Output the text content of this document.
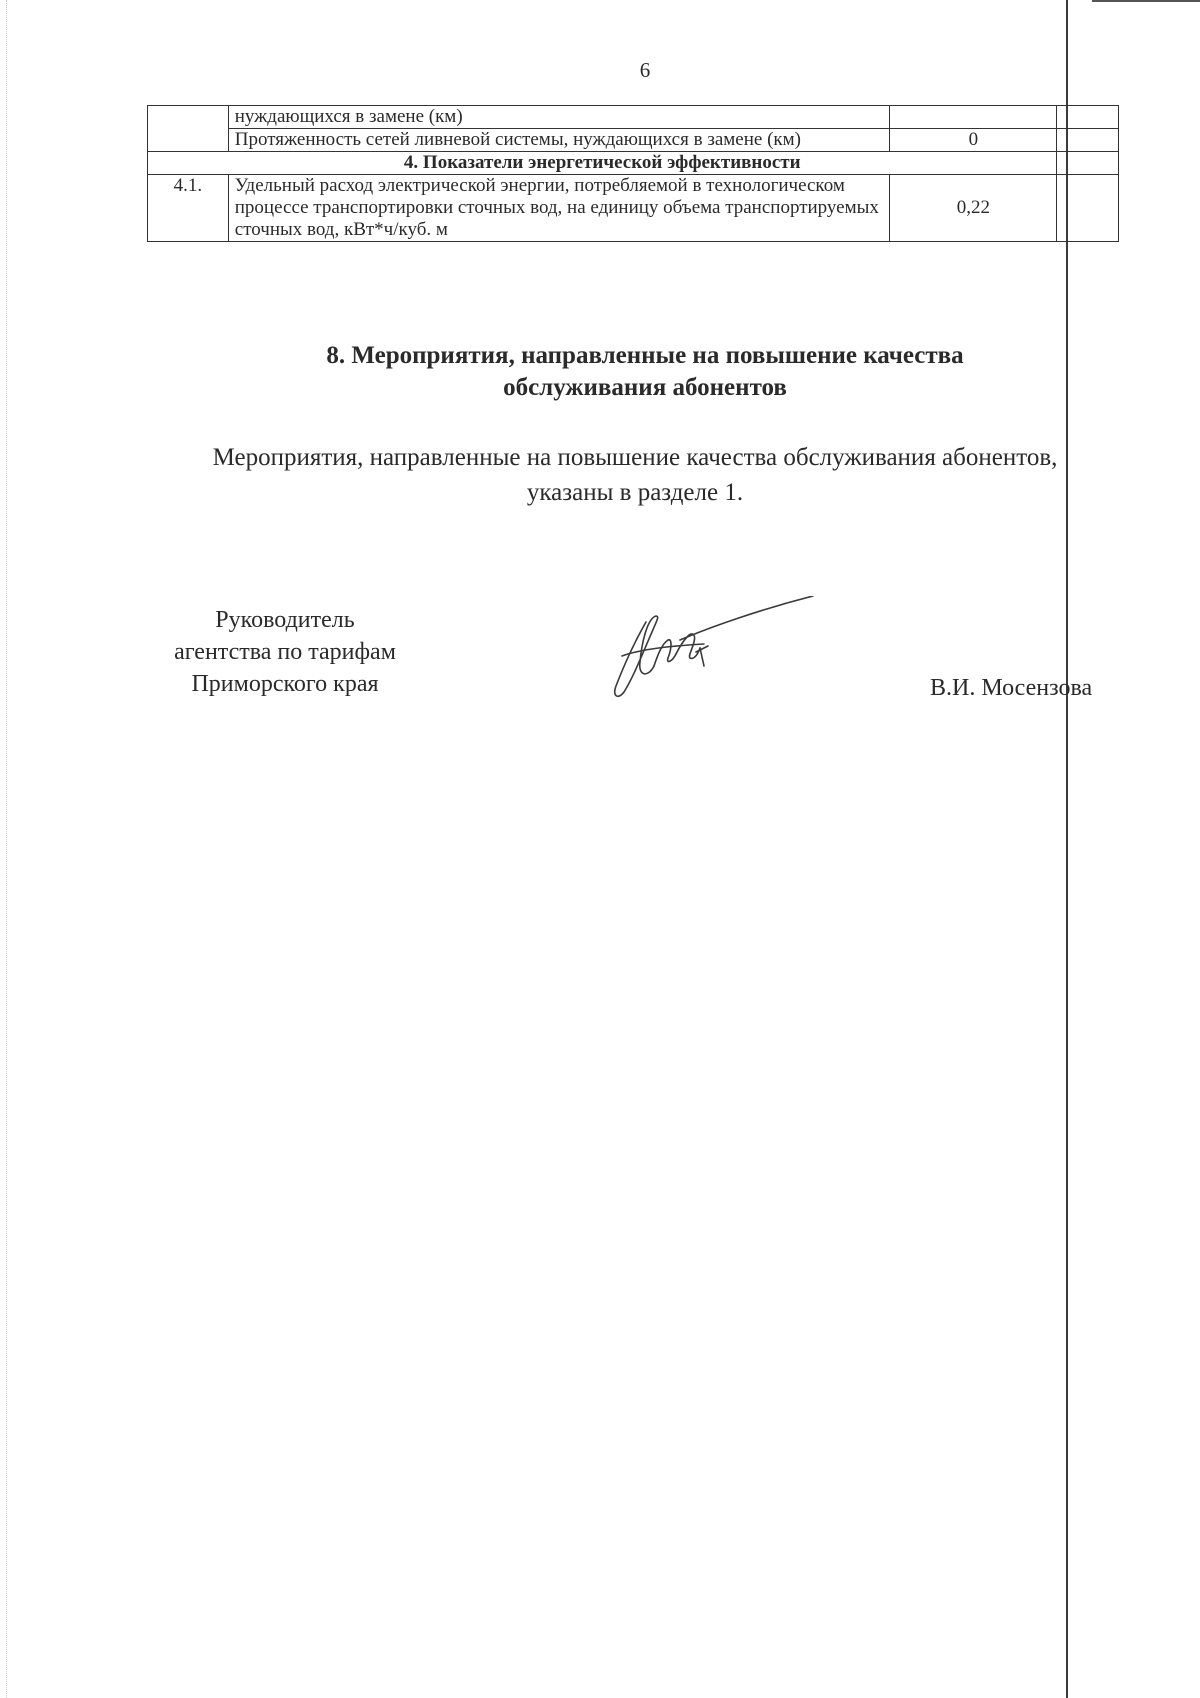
6
	нуждающихся в замене (км)		
	Протяженность сетей ливневой системы, нуждающихся в замене (км)	0	
4. Показатели энергетической эффективности			
4.1.	Удельный расход электрической энергии, потребляемой в технологическом процессе транспортировки сточных вод, на единицу объема транспортируемых сточных вод, кВт*ч/куб. м	0,22	
8. Мероприятия, направленные на повышение качества
обслуживания абонентов
Мероприятия, направленные на повышение качества обслуживания абонентов,
указаны в разделе 1.
Руководитель
агентства по тарифам
Приморского края	В.И. Мосензова
